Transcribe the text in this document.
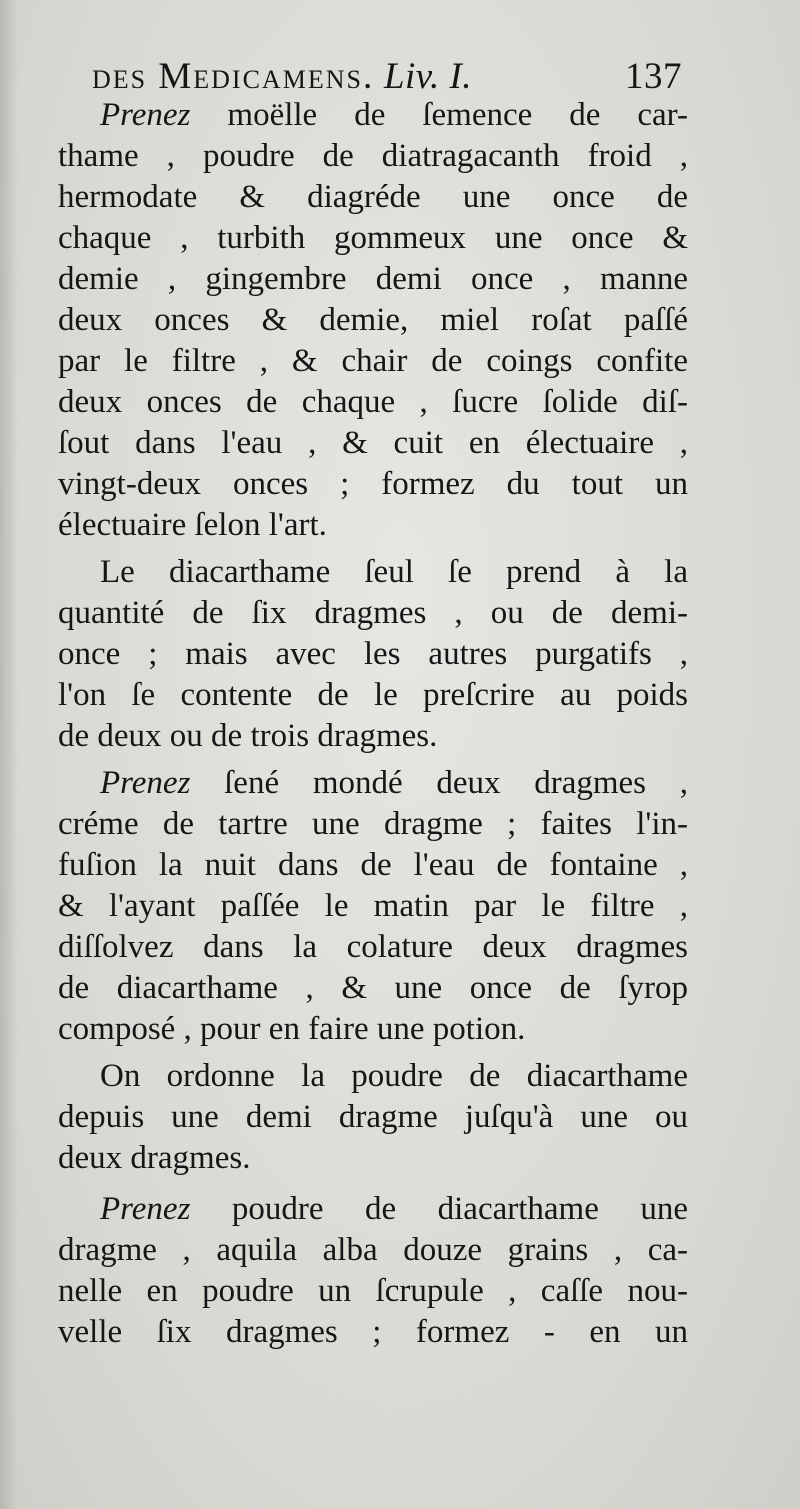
des Medicamens. Liv. I.	137
Prenez moëlle de ſemence de car-
thame , poudre de diatragacanth froid ,
hermodate & diagréde une once de
chaque , turbith gommeux une once &
demie , gingembre demi once , manne
deux onces & demie, miel roſat paſſé
par le filtre , & chair de coings confite
deux onces de chaque , ſucre ſolide diſ-
ſout dans l'eau , & cuit en électuaire ,
vingt-deux onces ; formez du tout un
électuaire ſelon l'art.
Le diacarthame ſeul ſe prend à la
quantité de ſix dragmes , ou de demi-
once ; mais avec les autres purgatifs ,
l'on ſe contente de le preſcrire au poids
de deux ou de trois dragmes.
Prenez ſené mondé deux dragmes ,
créme de tartre une dragme ; faites l'in-
fuſion la nuit dans de l'eau de fontaine ,
& l'ayant paſſée le matin par le filtre ,
diſſolvez dans la colature deux dragmes
de diacarthame , & une once de ſyrop
composé , pour en faire une potion.
On ordonne la poudre de diacarthame
depuis une demi dragme juſqu'à une ou
deux dragmes.
Prenez poudre de diacarthame une
dragme , aquila alba douze grains , ca-
nelle en poudre un ſcrupule , caſſe nou-
velle ſix dragmes ; formez - en un
